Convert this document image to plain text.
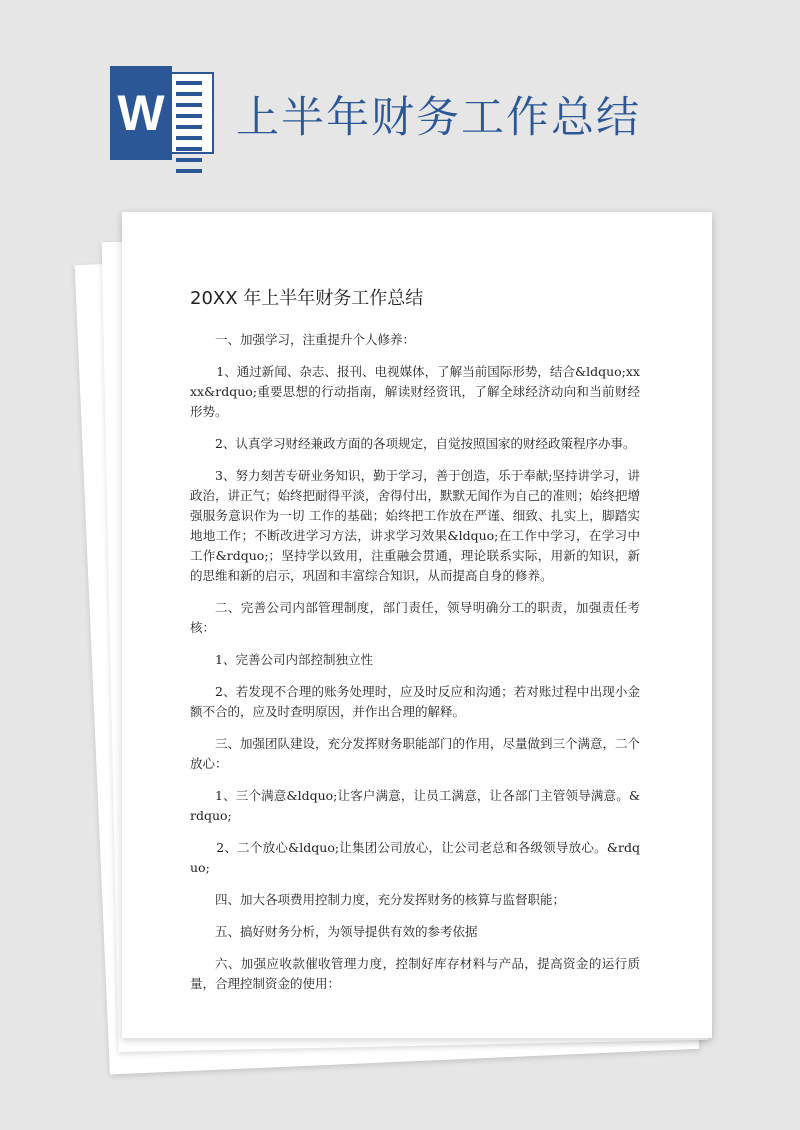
W 上半年财务工作总结
20XX 年上半年财务工作总结

一、加强学习，注重提升个人修养：

1、通过新闻、杂志、报刊、电视媒体，了解当前国际形势，结合&ldquo;xxxx&rdquo;重要思想的行动指南，解读财经资讯，了解全球经济动向和当前财经形势。

2、认真学习财经兼政方面的各项规定，自觉按照国家的财经政策程序办事。

3、努力刻苦专研业务知识，勤于学习，善于创造，乐于奉献;坚持讲学习，讲政治，讲正气；始终把耐得平淡，舍得付出，默默无闻作为自己的准则；始终把增强服务意识作为一切 工作的基础；始终把工作放在严谨、细致、扎实上，脚踏实地地工作；不断改进学习方法，讲求学习效果&ldquo;在工作中学习，在学习中工作&rdquo;；坚持学以致用，注重融会贯通，理论联系实际，用新的知识，新的思维和新的启示，巩固和丰富综合知识，从而提高自身的修养。

二、完善公司内部管理制度，部门责任，领导明确分工的职责，加强责任考核：

1、完善公司内部控制独立性

2、若发现不合理的账务处理时，应及时反应和沟通；若对账过程中出现小金额不合的，应及时查明原因，并作出合理的解释。

三、加强团队建设，充分发挥财务职能部门的作用，尽量做到三个满意，二个放心：

1、三个满意&ldquo;让客户满意，让员工满意，让各部门主管领导满意。&rdquo;

2、二个放心&ldquo;让集团公司放心，让公司老总和各级领导放心。&rdquo;

四、加大各项费用控制力度，充分发挥财务的核算与监督职能；

五、搞好财务分析，为领导提供有效的参考依据

六、加强应收款催收管理力度，控制好库存材料与产品，提高资金的运行质量，合理控制资金的使用：
